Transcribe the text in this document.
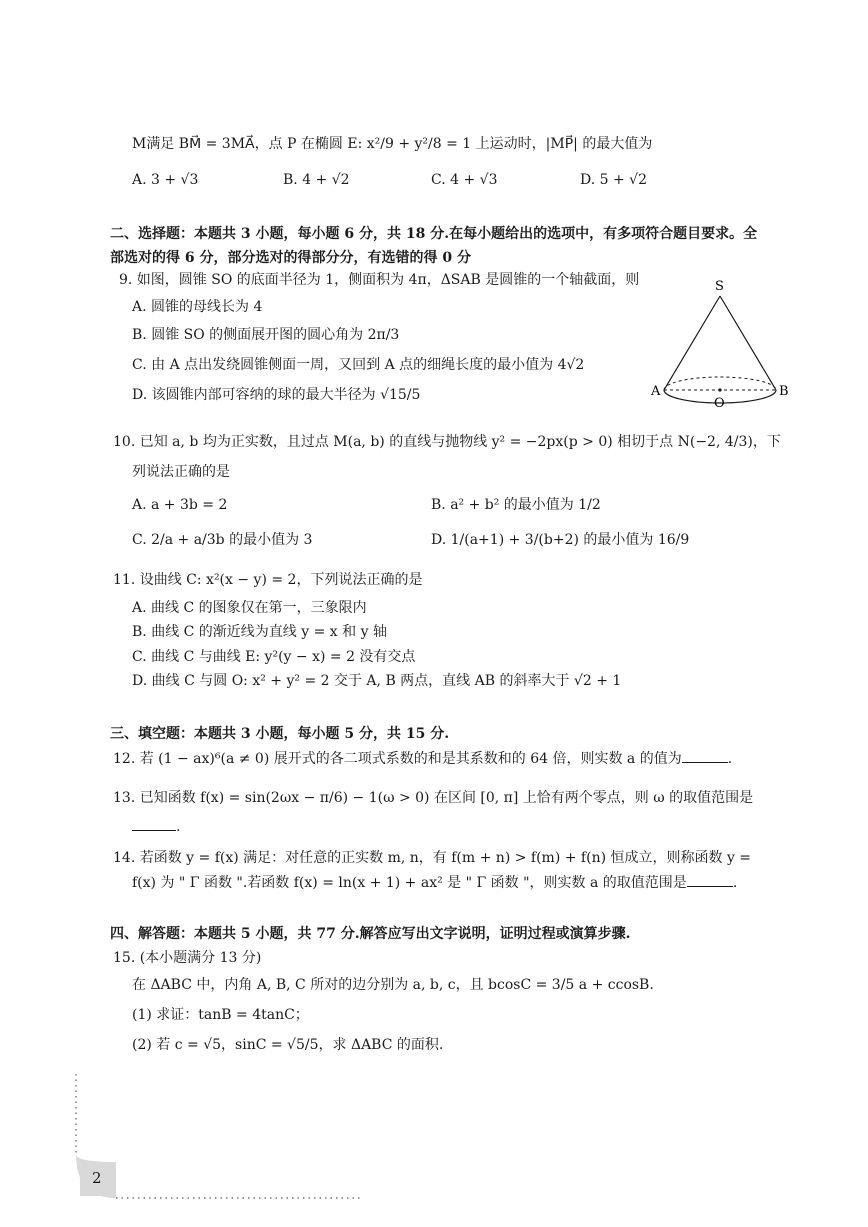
M满足 BM⃗ = 3MA⃗，点 P 在椭圆 E: x²/9 + y²/8 = 1 上运动时，|MP⃗| 的最大值为
A. 3 + √3	B. 4 + √2	C. 4 + √3	D. 5 + √2
二、选择题：本题共 3 小题，每小题 6 分，共 18 分.在每小题给出的选项中，有多项符合题目要求。全
部选对的得 6 分，部分选对的得部分分，有选错的得 0 分
9. 如图，圆锥 SO 的底面半径为 1，侧面积为 4π，ΔSAB 是圆锥的一个轴截面，则
A. 圆锥的母线长为 4
B. 圆锥 SO 的侧面展开图的圆心角为 2π/3
C. 由 A 点出发绕圆锥侧面一周，又回到 A 点的细绳长度的最小值为 4√2
D. 该圆锥内部可容纳的球的最大半径为 √15/5
S
A	B
O
10. 已知 a, b 均为正实数，且过点 M(a, b) 的直线与抛物线 y² = −2px(p > 0) 相切于点 N(−2, 4/3)，下
列说法正确的是
A. a + 3b = 2	B. a² + b² 的最小值为 1/2
C. 2/a + a/3b 的最小值为 3	D. 1/(a+1) + 3/(b+2) 的最小值为 16/9
11. 设曲线 C: x²(x − y) = 2，下列说法正确的是
A. 曲线 C 的图象仅在第一，三象限内
B. 曲线 C 的渐近线为直线 y = x 和 y 轴
C. 曲线 C 与曲线 E: y²(y − x) = 2 没有交点
D. 曲线 C 与圆 O: x² + y² = 2 交于 A, B 两点，直线 AB 的斜率大于 √2 + 1
三、填空题：本题共 3 小题，每小题 5 分，共 15 分.
12. 若 (1 − ax)⁶(a ≠ 0) 展开式的各二项式系数的和是其系数和的 64 倍，则实数 a 的值为	.
13. 已知函数 f(x) = sin(2ωx − π/6) − 1(ω > 0) 在区间 [0, π] 上恰有两个零点，则 ω 的取值范围是
.
14. 若函数 y = f(x) 满足：对任意的正实数 m, n，有 f(m + n) > f(m) + f(n) 恒成立，则称函数 y =
f(x) 为 " Γ 函数 ".若函数 f(x) = ln(x + 1) + ax² 是 " Γ 函数 "，则实数 a 的取值范围是	.
四、解答题：本题共 5 小题，共 77 分.解答应写出文字说明，证明过程或演算步骤.
15. (本小题满分 13 分)
在 ΔABC 中，内角 A, B, C 所对的边分别为 a, b, c，且 bcosC = 3/5 a + ccosB.
(1) 求证：tanB = 4tanC；
(2) 若 c = √5，sinC = √5/5，求 ΔABC 的面积.
2
